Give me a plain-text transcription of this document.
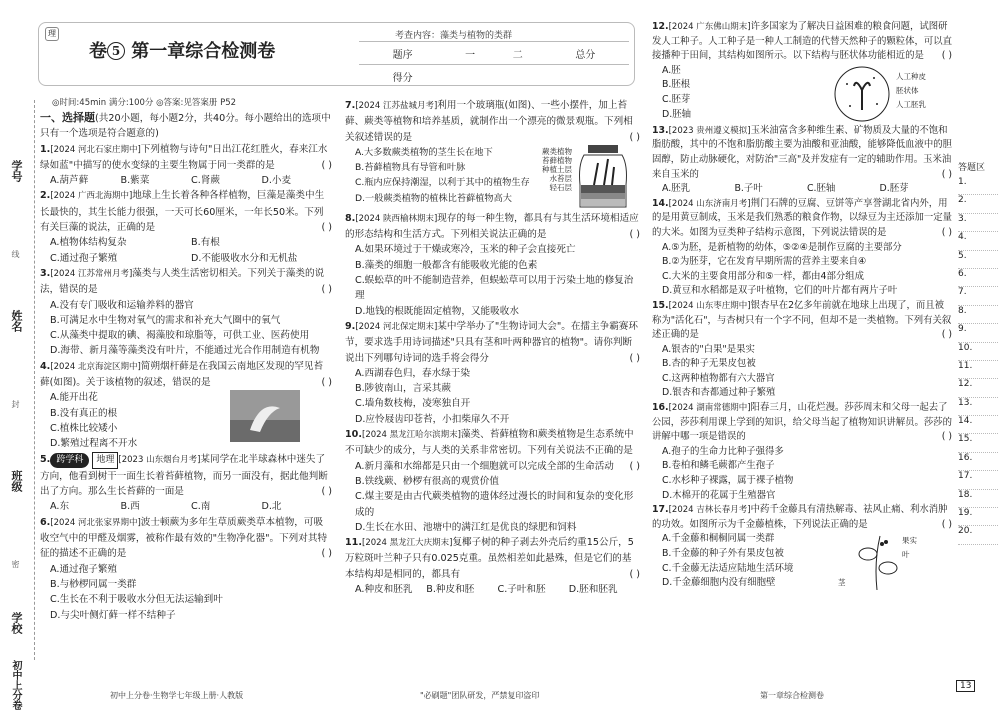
学号
线
姓名
封
班级
密
学校
初中上分卷
理
卷 5 第一章综合检测卷
考查内容：藻类与植物的类群
题序	一	二	总分
得分			
◎时间:45min 满分:100分 ◎答案:见答案册 P52

一、选择题(共20小题，每小题2分，共40分。每小题给出的选项中只有一个选项是符合题意的)

1.[2024 河北石家庄期中]下列植物与诗句"日出江花红胜火，春来江水绿如蓝"中描写的使水变绿的主要生物属于同一类群的是	( )

A.葫芦藓	B.紫菜	C.肾蕨	D.小麦

2.[2024 广西北海期中]地球上生长着各种各样植物，巨藻是藻类中生长最快的，其生长能力很强，一天可长60厘米，一年长50米。下列有关巨藻的说法，正确的是	( )

A.植物体结构复杂	B.有根
C.通过孢子繁殖	D.不能吸收水分和无机盐

3.[2024 江苏常州月考]藻类与人类生活密切相关。下列关于藻类的说法，错误的是	( )

A.没有专门吸收和运输养料的器官

B.可满足水中生物对氧气的需求和补充大气圈中的氧气

C.从藻类中提取的碘、褐藻胶和琼脂等，可供工业、医药使用

D.海带、新月藻等藻类没有叶片，不能通过光合作用制造有机物

4.[2024 北京海淀区期中]简朔烟杆藓是在我国云南地区发现的罕见苔藓(如图)。关于该植物的叙述，错误的是	( )

A.能开出花

B.没有真正的根

C.植株比较矮小

D.繁殖过程离不开水

5. 跨学科 地理 [2023 山东烟台月考]某同学在北半球森林中迷失了方向，他看到树干一面生长着苔藓植物，而另一面没有，据此他判断出了方向。那么生长苔藓的一面是	( )

A.东	B.西	C.南	D.北

6.[2024 河北张家界期中]波士顿蕨为多年生草质蕨类草本植物，可吸收空气中的甲醛及烟雾，被称作最有效的"生物净化器"。下列对其特征的描述不正确的是	( )

A.通过孢子繁殖

B.与桫椤同属一类群

C.生长在不利于吸收水分但无法运输到叶

D.与尖叶侧灯藓一样不结种子

7.[2024 江苏盐城月考]利用一个玻璃瓶(如图)、一些小摆件，加上苔藓、蕨类等植物和培养基质，就制作出一个漂亮的微景观瓶。下列相关叙述错误的是	( )

A.大多数蕨类植物的茎生长在地下

B.苔藓植物具有导管和叶脉

C.瓶内应保持潮湿，以利于其中的植物生存

D.一般蕨类植物的植株比苔藓植物高大

蕨类植物
苔藓植物
种植土层
水苔层
轻石层

8.[2024 陕西榆林期末]现存的每一种生物，都具有与其生活环境相适应的形态结构和生活方式。下列相关说法正确的是	( )

A.如果环境过于干燥或寒冷，玉米的种子会直接死亡

B.藻类的细胞一般都含有能吸收光能的色素

C.蜈蚣草的叶不能制造营养，但蜈蚣草可以用于污染土地的修复治理

D.地钱的根既能固定植物，又能吸收水

9.[2024 河北保定期末]某中学举办了"生物诗词大会"。在擂主争霸赛环节，要求选手用诗词描述"只具有茎和叶两种器官的植物"。请你判断说出下列哪句诗词的选手将会得分	( )

A.西湖春色归，春水绿于染

B.陟彼南山，言采其蕨

C.墙角数枝梅，凌寒独自开

D.应怜屐齿印苍苔，小扣柴扉久不开

10.[2024 黑龙江哈尔滨期末]藻类、苔藓植物和蕨类植物是生态系统中不可缺少的成分，与人类的关系非常密切。下列有关说法不正确的是
( )

A.新月藻和水绵都是只由一个细胞就可以完成全部的生命活动

B.铁线蕨、桫椤有很高的观赏价值

C.煤主要是由古代蕨类植物的遗体经过漫长的时间和复杂的变化形成的

D.生长在水田、池塘中的满江红是优良的绿肥和饲料

11.[2024 黑龙江大庆期末]复椰子树的种子剥去外壳后约重15公斤，5万粒斑叶兰种子只有0.025克重。虽然相差如此悬殊，但是它们的基本结构却是相同的，都具有	( )

A.种皮和胚乳	B.种皮和胚	C.子叶和胚	D.胚和胚乳

12.[2024 广东佛山期末]许多国家为了解决日益困难的粮食问题，试图研发人工种子。人工种子是一种人工制造的代替天然种子的颗粒体，可以直接播种于田间，其结构如图所示。以下结构与胚状体功能相近的是 ( )

A.胚

B.胚根

C.胚芽

D.胚轴

人工种皮
胚状体
人工胚乳

13.[2023 贵州遵义模拟]玉米油富含多种维生素、矿物质及大量的不饱和脂肪酸，其中的不饱和脂肪酸主要为油酸和亚油酸，能够降低血液中的胆固醇，防止动脉硬化，对防治"三高"及并发症有一定的辅助作用。玉米油来自玉米的	( )

A.胚乳	B.子叶	C.胚轴	D.胚芽

14.[2024 山东济南月考]荆门石牌的豆腐、豆饼等产享誉湖北省内外，用的是用黄豆制成，玉米是我们熟悉的粮食作物，以绿豆为主还添加一定量的大米。如图为豆类种子结构示意图，下列说法错误的是	( )

A.⑤为胚，是新植物的幼体，⑤②④是制作豆腐的主要部分

B.②为胚芽，它在发育早期所需的营养主要来自④

C.大米的主要食用部分和⑤一样，都由4部分组成

D.黄豆和水稻都是双子叶植物，它们的叶片都有两片子叶

15.[2024 山东枣庄期中]银杏早在2亿多年前就在地球上出现了，而且被称为"活化石"，与杏树只有一个字不同，但却不是一类植物。下列有关叙述正确的是	( )

A.银杏的"白果"是果实

B.杏的种子无果皮包被

C.这两种植物都有六大器官

D.银杏和杏都通过种子繁殖

16.[2024 湖南常德期中]阳春三月，山花烂漫。莎莎周末和父母一起去了公园，莎莎利用课上学到的知识，给父母当起了植物知识讲解员。莎莎的讲解中哪一项是错误的	( )

A.孢子的生命力比种子强得多

B.卷柏和鳞毛蕨都产生孢子

C.水杉种子裸露，属于裸子植物

D.木棉开的花属于生殖器官

17.[2024 吉林长春月考]中药千金藤具有清热解毒、祛风止痛、利水消肿的功效。如图所示为千金藤植株，下列说法正确的是	( )

A.千金藤和桐桐同属一类群

B.千金藤的种子外有果皮包被

C.千金藤无法适应陆地生活环境

D.千金藤细胞内没有细胞壁

果实
叶
茎
答题区
1.
2.
3.
4.
5.
6.
7.
8.
9.
10.
11.
12.
13.
14.
15.
16.
17.
18.
19.
20.
初中上分卷·生物学七年级上册·人教版	"必刷题"团队研发，严禁复印盗印	第一章综合检测卷
13
